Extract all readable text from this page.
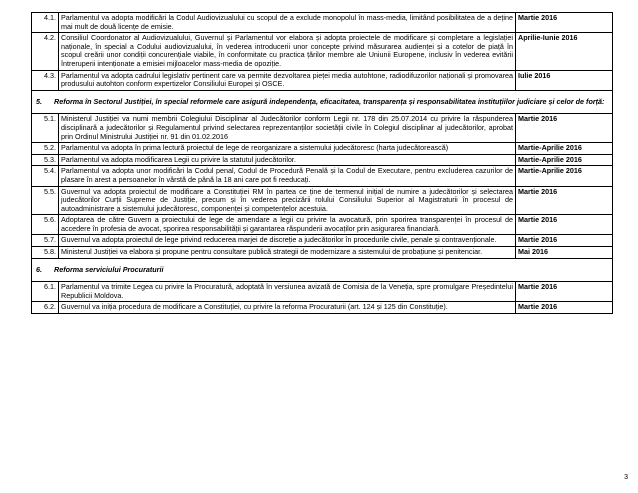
4.1.	Parlamentul va adopta modificări la Codul Audiovizualului cu scopul de a exclude monopolul în mass-media, limitând posibilitatea de a deține mai mult de două licențe de emisie.	Martie 2016
4.2.	Consiliul Coordonator al Audiovizualului, Guvernul și Parlamentul vor elabora și adopta proiectele de modificare și completare a legislației naționale, în special a Codului audiovizualului, în vederea introducerii unor concepte privind măsurarea audienței și a cotelor de piață în scopul creării unor condiții concurențiale viabile, în conformitate cu practica țărilor membre ale Uniunii Europene, inclusiv în vederea evitării întreruperii intenționate a emisiei mijloacelor mass-media de opoziție.	Aprilie-Iunie 2016
4.3.	Parlamentul va adopta cadrului legislativ pertinent care va permite dezvoltarea pieței media autohtone, radiodifuzorilor naționali și promovarea produsului autohton conform expertizelor Consiliului Europei și OSCE.	Iulie 2016
5. Reforma în Sectorul Justiției, în special reformele care asigură independența, eficacitatea, transparența și responsabilitatea instituțiilor judiciare și celor de forță:		
5.1.	Ministerul Justiției va numi membrii Colegiului Disciplinar al Judecătorilor conform Legii nr. 178 din 25.07.2014 cu privire la răspunderea disciplinară a judecătorilor și Regulamentul privind selectarea reprezentanților societății civile în Colegiul disciplinar al judecătorilor, aprobat prin Ordinul Ministrului Justiției nr. 91 din 01.02.2016	Martie 2016
5.2.	Parlamentul va adopta în prima lectură proiectul de lege de reorganizare a sistemului judecătoresc (harta judecătorească)	Martie-Aprilie 2016
5.3.	Parlamentul va adopta modificarea Legii cu privire la statutul judecătorilor.	Martie-Aprilie 2016
5.4.	Parlamentul va adopta unor modificări la Codul penal, Codul de Procedură Penală și la Codul de Executare, pentru excluderea cazurilor de plasare în arest a persoanelor în vârstă de până la 18 ani care pot fi reeducați.	Martie-Aprilie 2016
5.5.	Guvernul va adopta proiectul de modificare a Constituției RM în partea ce ține de termenul inițial de numire a judecătorilor și selectarea judecătorilor Curții Supreme de Justiție, precum și în vederea precizării rolului Consiliului Superior al Magistraturii în procesul de autoadministrare a sistemului judecătoresc, componenței și competențelor acestuia.	Martie 2016
5.6.	Adoptarea de către Guvern a proiectului de lege de amendare a legii cu privire la avocatură, prin sporirea transparenței în procesul de accedere în profesia de avocat, sporirea responsabilității și garantarea răspunderii avocaților prin asigurarea financiară.	Martie 2016
5.7.	Guvernul va adopta proiectul de lege privind reducerea marjei de discreție a judecătorilor în procedurile civile, penale și contravenționale.	Martie 2016
5.8.	Ministerul Justiției va elabora și propune pentru consultare publică strategii de modernizare a sistemului de probațiune și penitenciar.	Mai 2016
6. Reforma serviciului Procuraturii		
6.1.	Parlamentul va trimite Legea cu privire la Procuratură, adoptată în versiunea avizată de Comisia de la Veneția, spre promulgare Președintelui Republicii Moldova.	Martie 2016
6.2.	Guvernul va iniția procedura de modificare a Constituției, cu privire la reforma Procuraturii (art. 124 și 125 din Constituție).	Martie 2016
3
